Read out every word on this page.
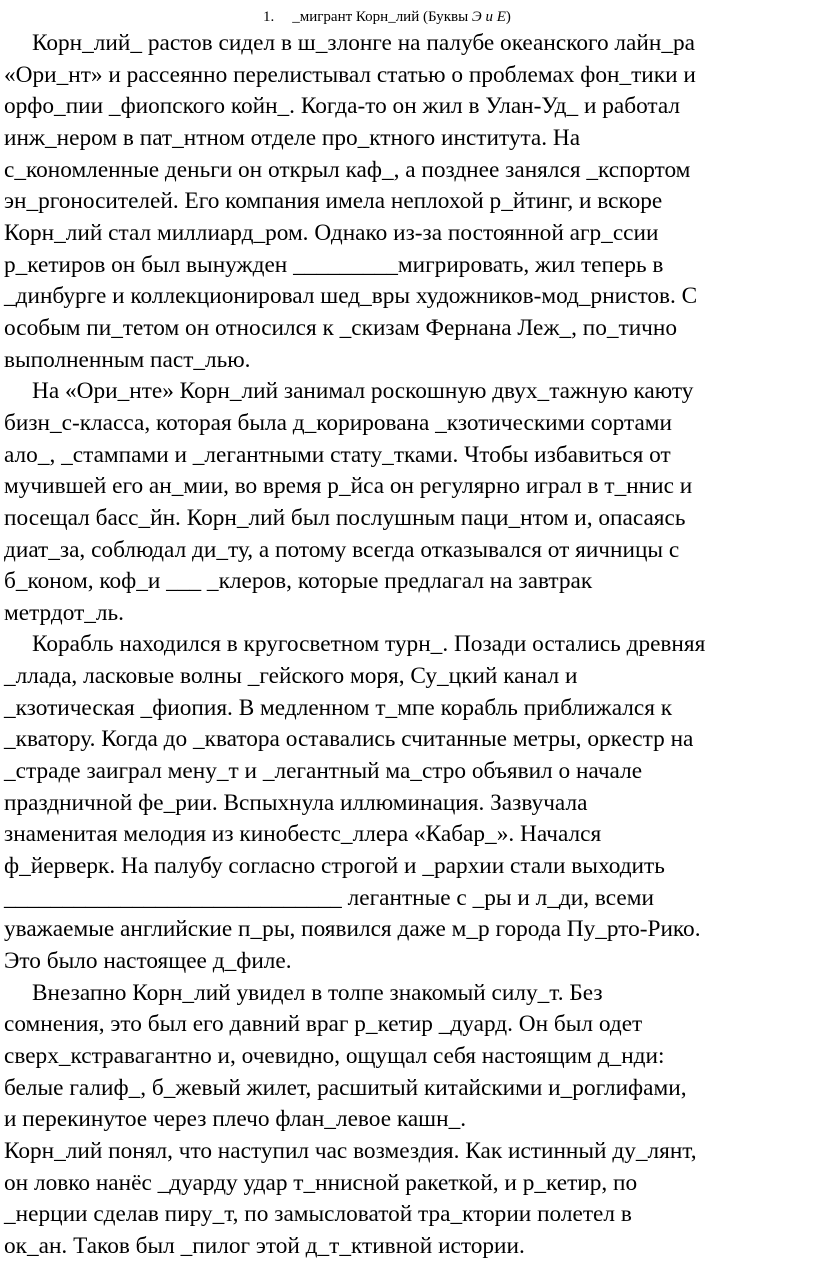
1. _мигрант Корн_лий (Буквы Э и Е)

Корн_лий_ растов сидел в ш_злонге на палубе океанского лайн_ра
«Ори_нт» и рассеянно перелистывал статью о проблемах фон_тики и
орфо_пии _фиопского койн_. Когда-то он жил в Улан-Уд_ и работал
инж_нером в пат_нтном отделе про_ктного института. На
с_кономленные деньги он открыл каф_, а позднее занялся _кспортом
эн_ргоносителей. Его компания имела неплохой р_йтинг, и вскоре
Корн_лий стал миллиард_ром. Однако из-за постоянной агр_ссии
р_кетиров он был вынужден _________мигрировать, жил теперь в
_динбурге и коллекционировал шед_вры художников-мод_рнистов. С
особым пи_тетом он относился к _скизам Фернана Леж_, по_тично
выполненным паст_лью.

На «Ори_нте» Корн_лий занимал роскошную двух_тажную каюту
бизн_с-класса, которая была д_корирована _кзотическими сортами
ало_, _стампами и _легантными стату_тками. Чтобы избавиться от
мучившей его ан_мии, во время р_йса он регулярно играл в т_ннис и
посещал басс_йн. Корн_лий был послушным паци_нтом и, опасаясь
диат_за, соблюдал ди_ту, а потому всегда отказывался от яичницы с
б_коном, коф_и ___ _клеров, которые предлагал на завтрак
метрдот_ль.

Корабль находился в кругосветном турн_. Позади остались древняя
_ллада, ласковые волны _гейского моря, Су_цкий канал и
_кзотическая _фиопия. В медленном т_мпе корабль приближался к
_кватору. Когда до _кватора оставались считанные метры, оркестр на
_страде заиграл мену_т и _легантный ма_стро объявил о начале
праздничной фе_рии. Вспыхнула иллюминация. Зазвучала
знаменитая мелодия из кинобестс_ллера «Кабар_». Начался
ф_йерверк. На палубу согласно строгой и _рархии стали выходить
_____________________________ легантные с _ры и л_ди, всеми
уважаемые английские п_ры, появился даже м_р города Пу_рто-Рико.
Это было настоящее д_филе.

Внезапно Корн_лий увидел в толпе знакомый силу_т. Без
сомнения, это был его давний враг р_кетир _дуард. Он был одет
сверх_кстравагантно и, очевидно, ощущал себя настоящим д_нди:
белые галиф_, б_жевый жилет, расшитый китайскими и_роглифами,
и перекинутое через плечо флан_левое кашн_.

Корн_лий понял, что наступил час возмездия. Как истинный ду_лянт,
он ловко нанёс _дуарду удар т_ннисной ракеткой, и р_кетир, по
_нерции сделав пиру_т, по замысловатой тра_ктории полетел в
ок_ан. Таков был _пилог этой д_т_ктивной истории.
